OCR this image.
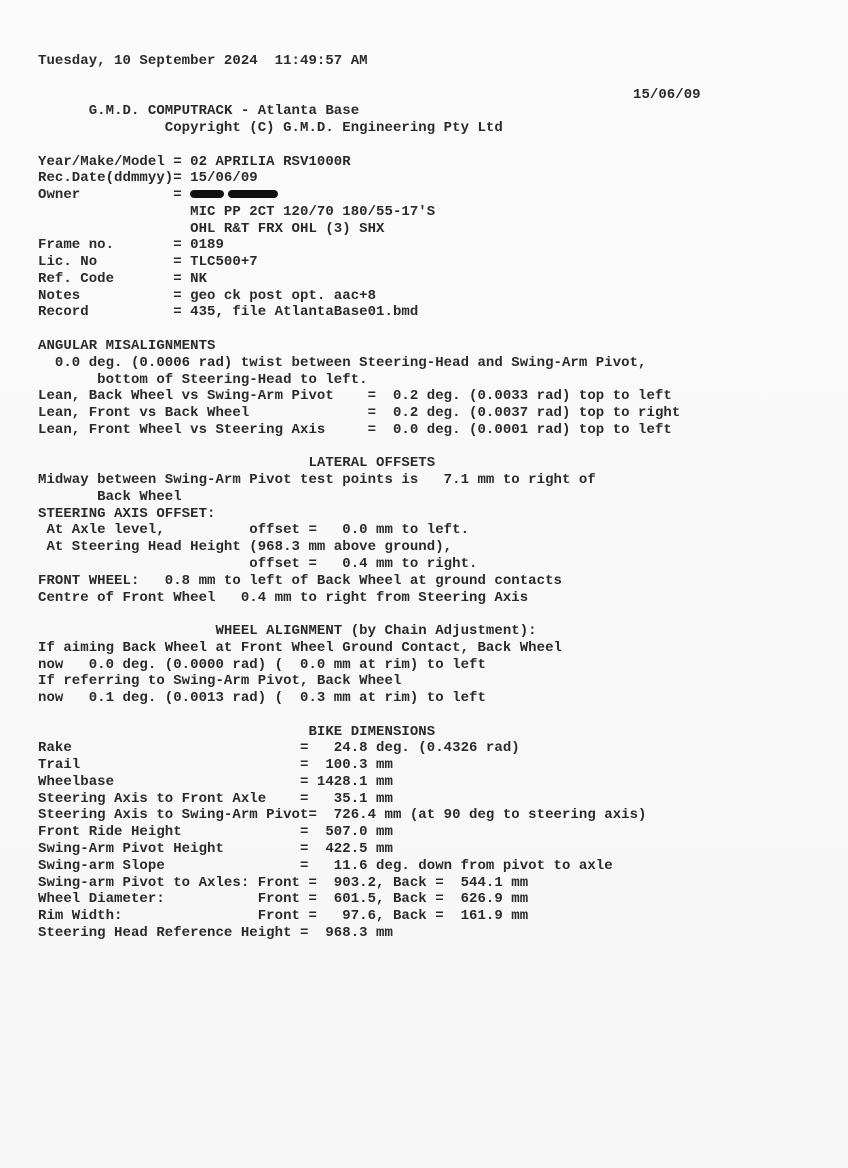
Tuesday, 10 September 2024  11:49:57 AM

G.M.D. COMPUTRACK - Atlanta Base

15/06/09

Copyright (C) G.M.D. Engineering Pty Ltd
Year/Make/Model = 02 APRILIA RSV1000R
Rec.Date(ddmmyy)= 15/06/09
Owner           =
MIC PP 2CT 120/70 180/55-17'S
OHL R&T FRX OHL (3) SHX
Frame no.       = 0189
Lic. No         = TLC500+7
Ref. Code       = NK
Notes           = geo ck post opt. aac+8
Record          = 435, file AtlantaBase01.bmd
ANGULAR MISALIGNMENTS
0.0 deg. (0.0006 rad) twist between Steering-Head and Swing-Arm Pivot,
bottom of Steering-Head to left.
Lean, Back Wheel vs Swing-Arm Pivot    =  0.2 deg. (0.0033 rad) top to left
Lean, Front vs Back Wheel              =  0.2 deg. (0.0037 rad) top to right
Lean, Front Wheel vs Steering Axis     =  0.0 deg. (0.0001 rad) top to left
LATERAL OFFSETS
Midway between Swing-Arm Pivot test points is   7.1 mm to right of
Back Wheel
STEERING AXIS OFFSET:
At Axle level,          offset =   0.0 mm to left.
At Steering Head Height (968.3 mm above ground),
offset =   0.4 mm to right.
FRONT WHEEL:   0.8 mm to left of Back Wheel at ground contacts
Centre of Front Wheel   0.4 mm to right from Steering Axis
WHEEL ALIGNMENT (by Chain Adjustment):
If aiming Back Wheel at Front Wheel Ground Contact, Back Wheel
now   0.0 deg. (0.0000 rad) (  0.0 mm at rim) to left
If referring to Swing-Arm Pivot, Back Wheel
now   0.1 deg. (0.0013 rad) (  0.3 mm at rim) to left
BIKE DIMENSIONS
Rake                           =   24.8 deg. (0.4326 rad)
Trail                          =  100.3 mm
Wheelbase                      = 1428.1 mm
Steering Axis to Front Axle    =   35.1 mm
Steering Axis to Swing-Arm Pivot=  726.4 mm (at 90 deg to steering axis)
Front Ride Height              =  507.0 mm
Swing-Arm Pivot Height         =  422.5 mm
Swing-arm Slope                =   11.6 deg. down from pivot to axle
Swing-arm Pivot to Axles: Front =  903.2, Back =  544.1 mm
Wheel Diameter:           Front =  601.5, Back =  626.9 mm
Rim Width:                Front =   97.6, Back =  161.9 mm
Steering Head Reference Height =  968.3 mm
